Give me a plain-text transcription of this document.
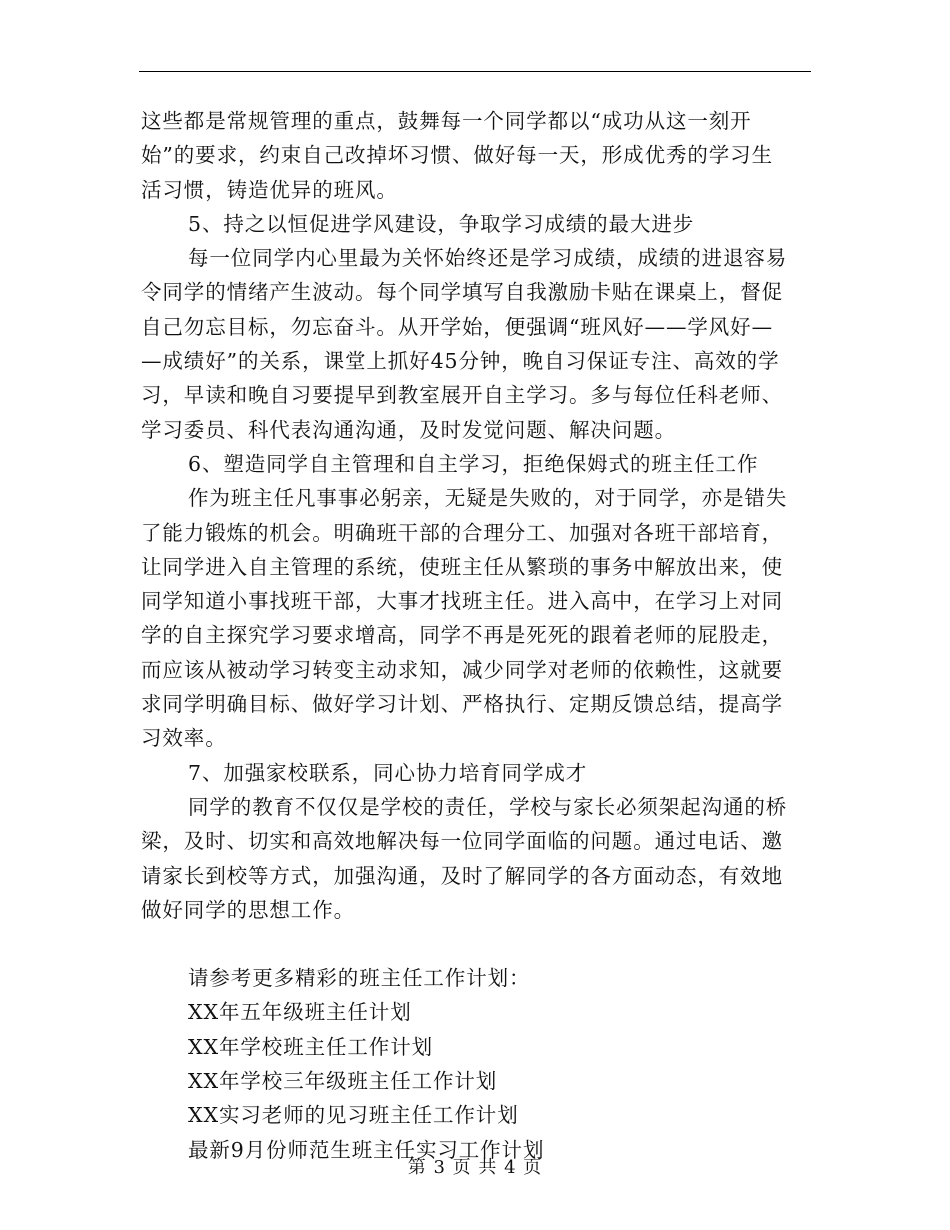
这些都是常规管理的重点，鼓舞每一个同学都以“成功从这一刻开
始”的要求，约束自己改掉坏习惯、做好每一天，形成优秀的学习生
活习惯，铸造优异的班风。
5、持之以恒促进学风建设，争取学习成绩的最大进步
每一位同学内心里最为关怀始终还是学习成绩，成绩的进退容易
令同学的情绪产生波动。每个同学填写自我激励卡贴在课桌上，督促
自己勿忘目标，勿忘奋斗。从开学始，便强调“班风好——学风好—
—成绩好”的关系，课堂上抓好45分钟，晚自习保证专注、高效的学
习，早读和晚自习要提早到教室展开自主学习。多与每位任科老师、
学习委员、科代表沟通沟通，及时发觉问题、解决问题。
6、塑造同学自主管理和自主学习，拒绝保姆式的班主任工作
作为班主任凡事事必躬亲，无疑是失败的，对于同学，亦是错失
了能力锻炼的机会。明确班干部的合理分工、加强对各班干部培育，
让同学进入自主管理的系统，使班主任从繁琐的事务中解放出来，使
同学知道小事找班干部，大事才找班主任。进入高中，在学习上对同
学的自主探究学习要求增高，同学不再是死死的跟着老师的屁股走，
而应该从被动学习转变主动求知，减少同学对老师的依赖性，这就要
求同学明确目标、做好学习计划、严格执行、定期反馈总结，提高学
习效率。
7、加强家校联系，同心协力培育同学成才
同学的教育不仅仅是学校的责任，学校与家长必须架起沟通的桥
梁，及时、切实和高效地解决每一位同学面临的问题。通过电话、邀
请家长到校等方式，加强沟通，及时了解同学的各方面动态，有效地
做好同学的思想工作。
请参考更多精彩的班主任工作计划：
XX年五年级班主任计划
XX年学校班主任工作计划
XX年学校三年级班主任工作计划
XX实习老师的见习班主任工作计划
最新9月份师范生班主任实习工作计划
第 3 页 共 4 页
